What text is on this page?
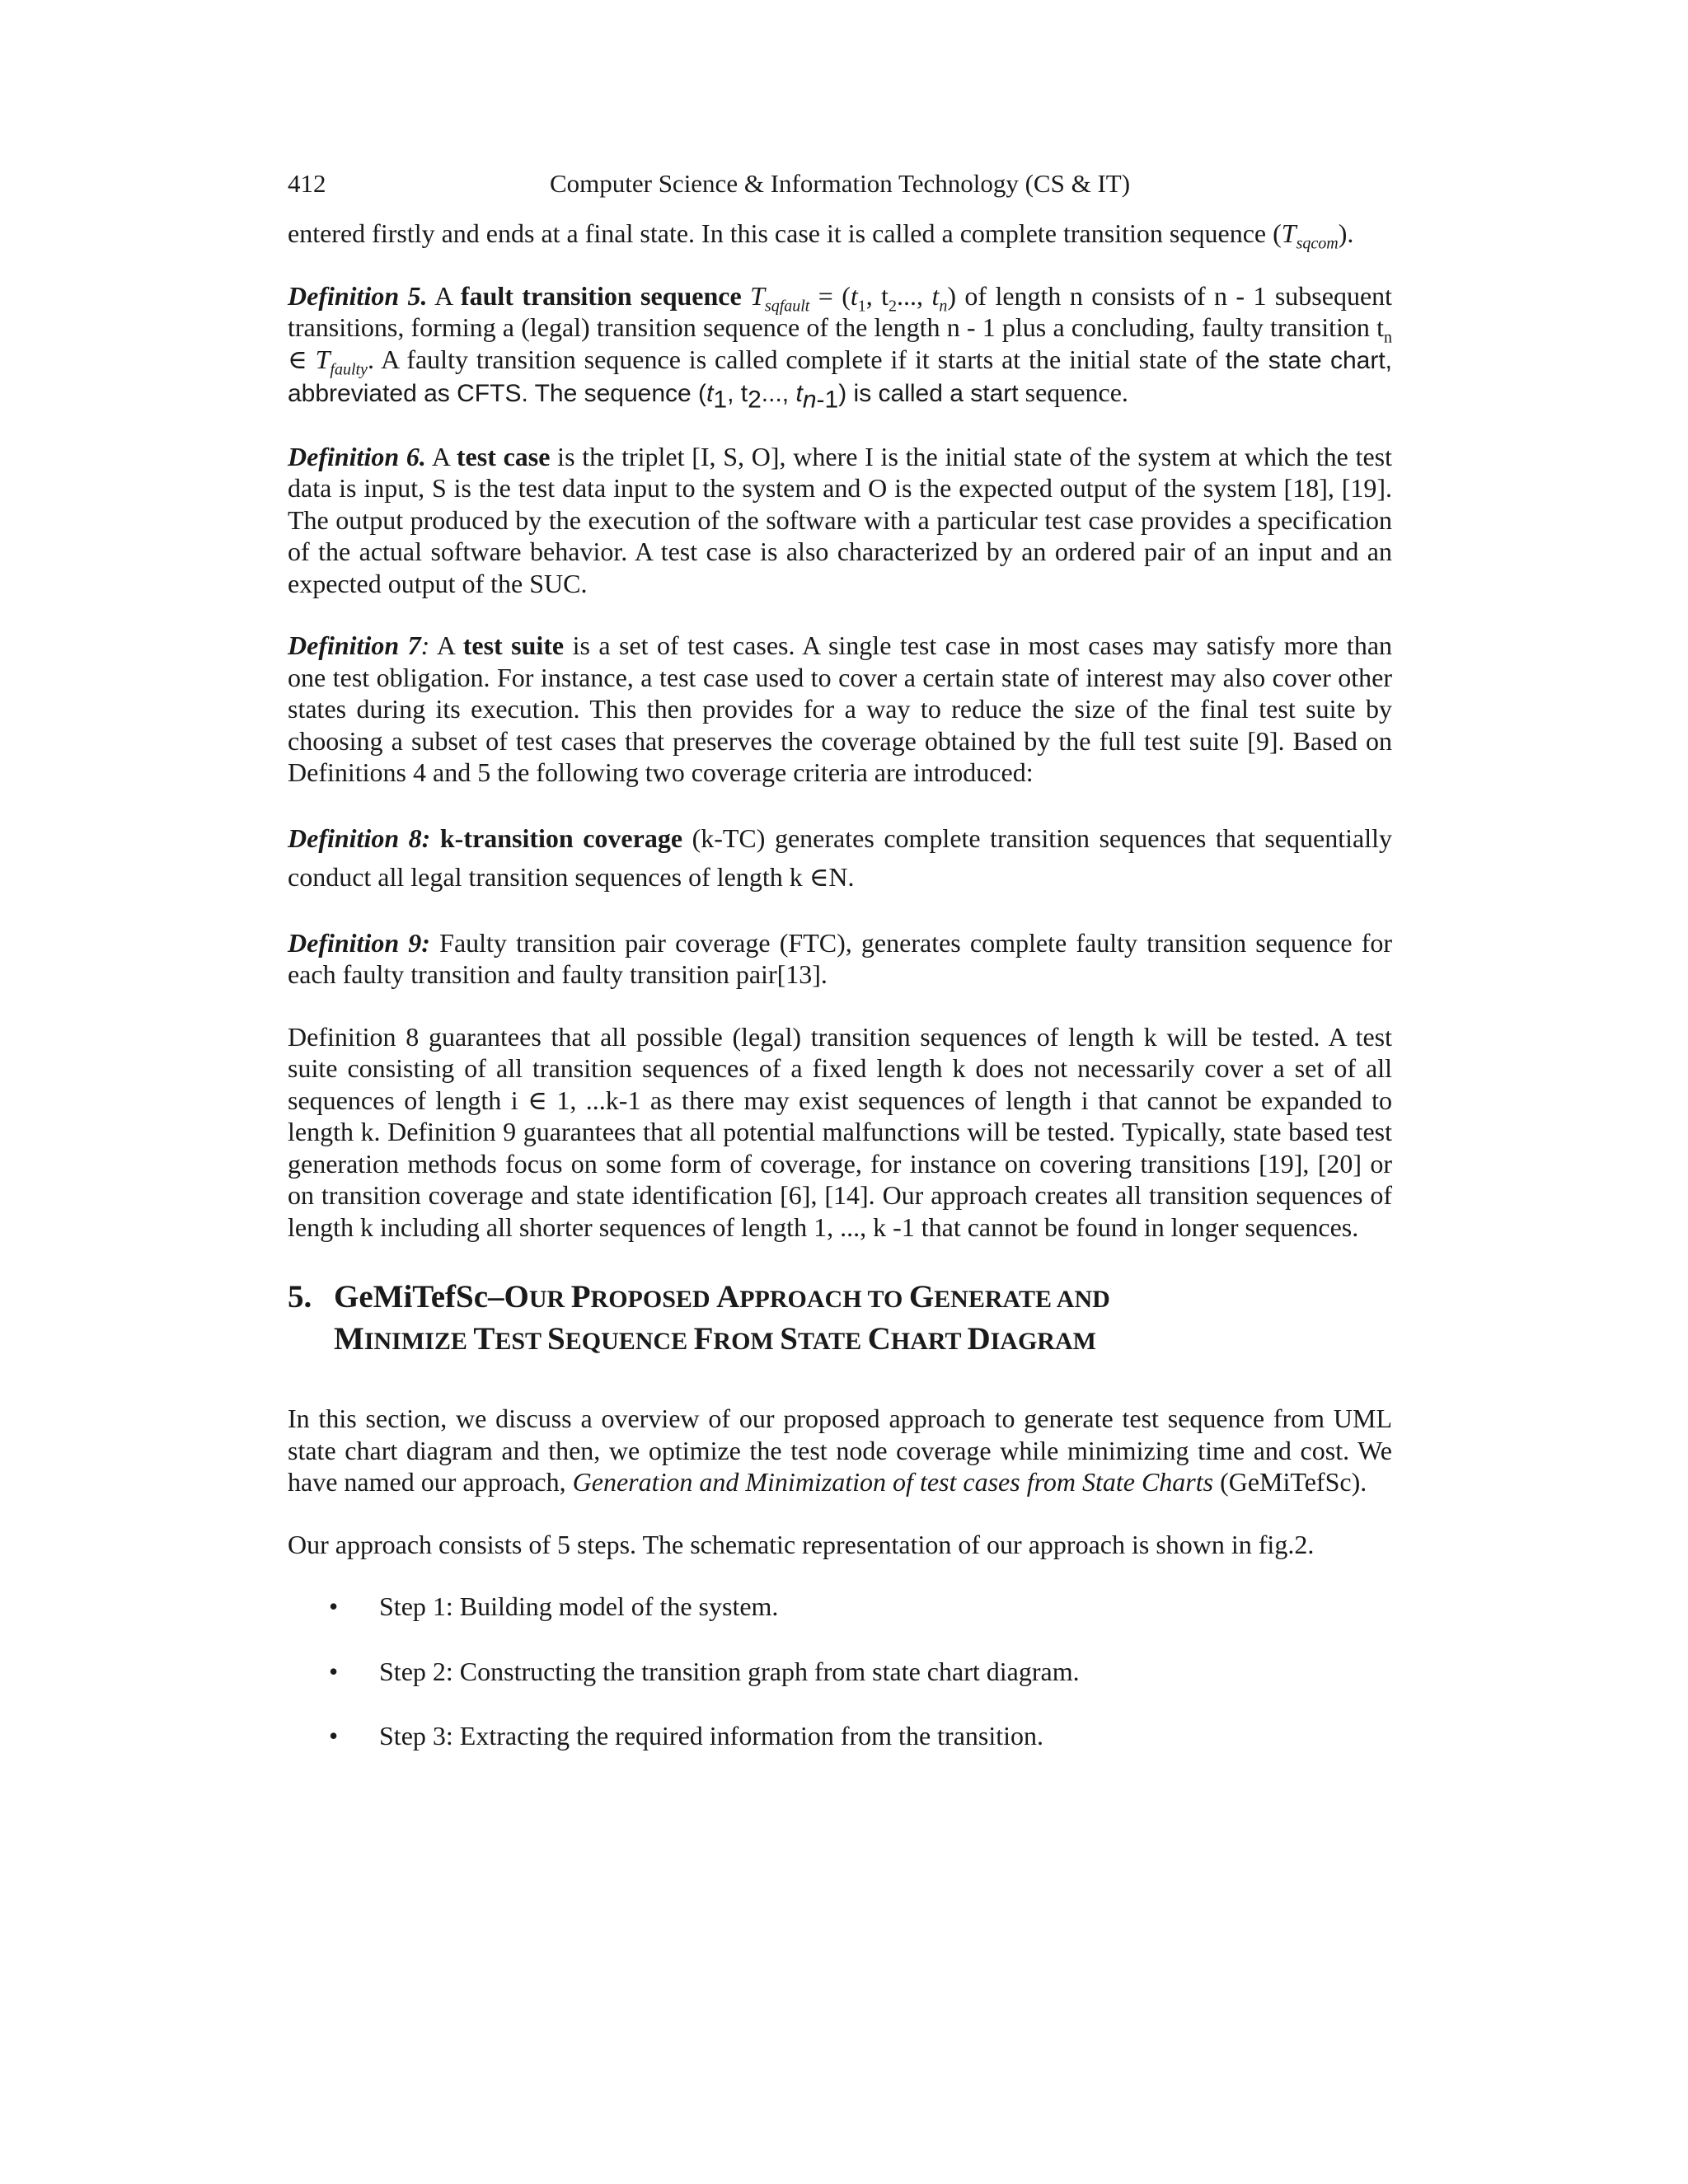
412	Computer Science & Information Technology (CS & IT)

entered firstly and ends at a final state. In this case it is called a complete transition sequence $(T_{sqcom})$.

Definition 5. A fault transition sequence $T_{sqfault} = (t_1$, $t_2$..., $t_n$) of length n consists of n - 1 subsequent transitions, forming a (legal) transition sequence of the length n - 1 plus a concluding, faulty transition $t_n$ ∈ $T_{faulty}$. A faulty transition sequence is called complete if it starts at the initial state of the state chart, abbreviated as CFTS. The sequence ($t_1$, $t_2$..., $t_{n-1}$) is called a start sequence.

Definition 6. A test case is the triplet [I, S, O], where I is the initial state of the system at which the test data is input, S is the test data input to the system and O is the expected output of the system [18], [19]. The output produced by the execution of the software with a particular test case provides a specification of the actual software behavior. A test case is also characterized by an ordered pair of an input and an expected output of the SUC.

Definition 7: A test suite is a set of test cases. A single test case in most cases may satisfy more than one test obligation. For instance, a test case used to cover a certain state of interest may also cover other states during its execution. This then provides for a way to reduce the size of the final test suite by choosing a subset of test cases that preserves the coverage obtained by the full test suite [9]. Based on Definitions 4 and 5 the following two coverage criteria are introduced:

Definition 8: k-transition coverage (k-TC) generates complete transition sequences that sequentially conduct all legal transition sequences of length k ∈N.

Definition 9: Faulty transition pair coverage (FTC), generates complete faulty transition sequence for each faulty transition and faulty transition pair[13].

Definition 8 guarantees that all possible (legal) transition sequences of length k will be tested. A test suite consisting of all transition sequences of a fixed length k does not necessarily cover a set of all sequences of length i ∈ 1, ...k-1 as there may exist sequences of length i that cannot be expanded to length k. Definition 9 guarantees that all potential malfunctions will be tested. Typically, state based test generation methods focus on some form of coverage, for instance on covering transitions [19], [20] or on transition coverage and state identification [6], [14]. Our approach creates all transition sequences of length k including all shorter sequences of length 1, ..., k -1 that cannot be found in longer sequences.

5. GeMiTefSc–OUR PROPOSED APPROACH TO GENERATE AND
MINIMIZE TEST SEQUENCE FROM STATE CHART DIAGRAM

In this section, we discuss a overview of our proposed approach to generate test sequence from UML state chart diagram and then, we optimize the test node coverage while minimizing time and cost. We have named our approach, Generation and Minimization of test cases from State Charts (GeMiTefSc).

Our approach consists of 5 steps. The schematic representation of our approach is shown in fig.2.

• Step 1: Building model of the system.
• Step 2: Constructing the transition graph from state chart diagram.
• Step 3: Extracting the required information from the transition.
